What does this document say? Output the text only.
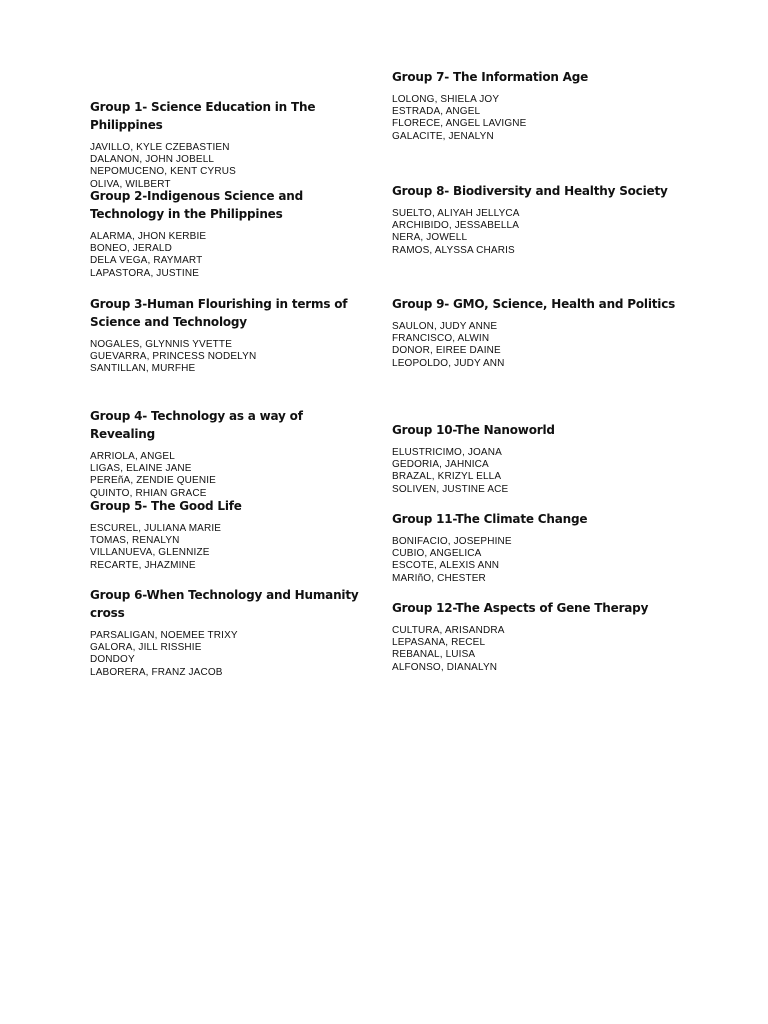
Group 1- Science Education in The Philippines
JAVILLO, KYLE CZEBASTIEN
DALANON, JOHN JOBELL
NEPOMUCENO, KENT CYRUS
OLIVA, WILBERT
Group 2-Indigenous Science and Technology in the Philippines
ALARMA, JHON KERBIE
BONEO, JERALD
DELA VEGA, RAYMART
LAPASTORA, JUSTINE
Group 3-Human Flourishing in terms of Science and Technology
NOGALES, GLYNNIS YVETTE
GUEVARRA, PRINCESS NODELYN
SANTILLAN, MURFHE
Group 4- Technology as a way of Revealing
ARRIOLA, ANGEL
LIGAS, ELAINE JANE
PEREñA, ZENDIE QUENIE
QUINTO, RHIAN GRACE
Group 5- The Good Life
ESCUREL, JULIANA MARIE
TOMAS, RENALYN
VILLANUEVA, GLENNIZE
RECARTE, JHAZMINE
Group 6-When Technology and Humanity cross
PARSALIGAN, NOEMEE TRIXY
GALORA, JILL RISSHIE
DONDOY
LABORERA, FRANZ JACOB
Group 7- The Information Age
LOLONG, SHIELA JOY
ESTRADA, ANGEL
FLORECE, ANGEL LAVIGNE
GALACITE, JENALYN
Group 8- Biodiversity and Healthy Society
SUELTO, ALIYAH JELLYCA
ARCHIBIDO, JESSABELLA
NERA, JOWELL
RAMOS, ALYSSA CHARIS
Group 9- GMO, Science, Health and Politics
SAULON, JUDY ANNE
FRANCISCO, ALWIN
DONOR, EIREE DAINE
LEOPOLDO, JUDY ANN
Group 10-The Nanoworld
ELUSTRICIMO, JOANA
GEDORIA, JAHNICA
BRAZAL, KRIZYL ELLA
SOLIVEN, JUSTINE ACE
Group 11-The Climate Change
BONIFACIO, JOSEPHINE
CUBIO, ANGELICA
ESCOTE, ALEXIS ANN
MARIñO, CHESTER
Group 12-The Aspects of Gene Therapy
CULTURA, ARISANDRA
LEPASANA, RECEL
REBANAL, LUISA
ALFONSO, DIANALYN
